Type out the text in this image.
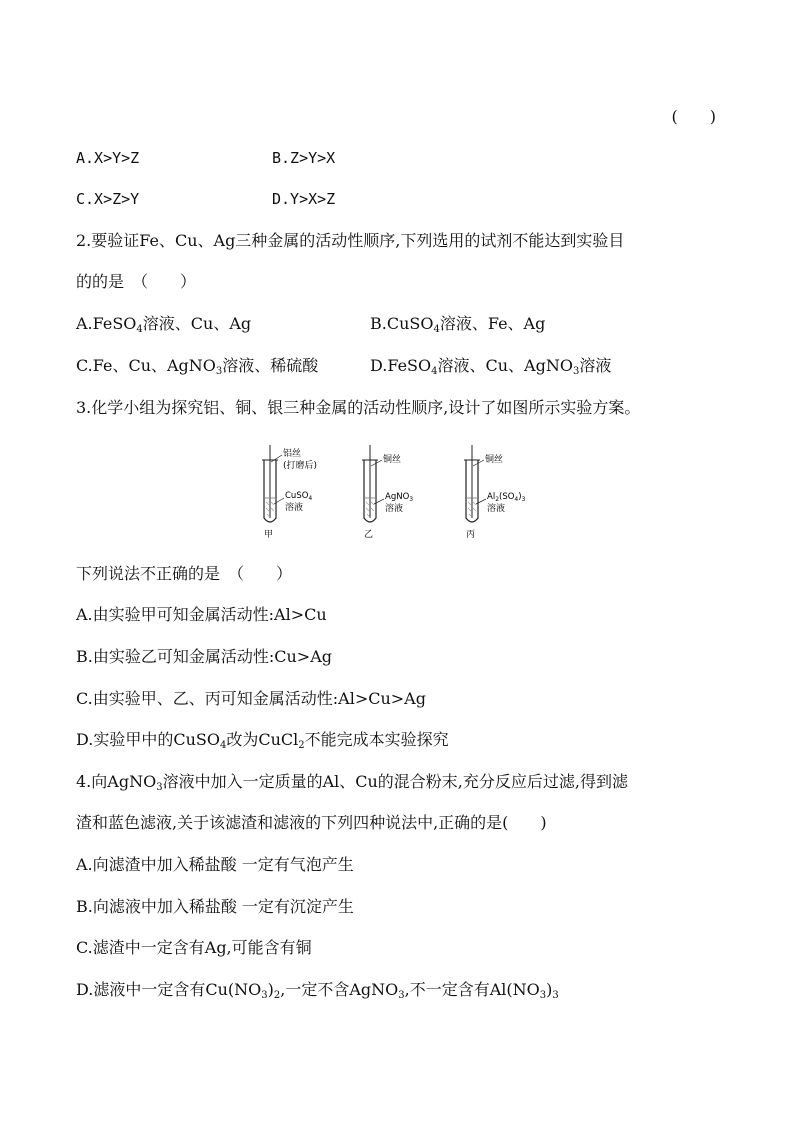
(　　)
A.X>Y>Z	B.Z>Y>X
C.X>Z>Y	D.Y>X>Z
2.要验证Fe、Cu、Ag三种金属的活动性顺序,下列选用的试剂不能达到实验目
的的是　（　　）
A.FeSO$_4$溶液、Cu、Ag	B.CuSO$_4$溶液、Fe、Ag
C.Fe、Cu、AgNO$_3$溶液、稀硫酸	D.FeSO$_4$溶液、Cu、AgNO$_3$溶液
3.化学小组为探究铝、铜、银三种金属的活动性顺序,设计了如图所示实验方案。
铝丝
(打磨后)
CuSO$_4$
溶液
甲
铜丝
AgNO$_3$
溶液
乙
铜丝
$Al_2(SO_4)_3$
溶液
丙
下列说法不正确的是　（　　）
A.由实验甲可知金属活动性:Al>Cu
B.由实验乙可知金属活动性:Cu>Ag
C.由实验甲、乙、丙可知金属活动性:Al>Cu>Ag
D.实验甲中的CuSO$_4$改为CuCl$_2$不能完成本实验探究
4.向AgNO$_3$溶液中加入一定质量的Al、Cu的混合粉末,充分反应后过滤,得到滤
渣和蓝色滤液,关于该滤渣和滤液的下列四种说法中,正确的是(　　)
A.向滤渣中加入稀盐酸 一定有气泡产生
B.向滤液中加入稀盐酸 一定有沉淀产生
C.滤渣中一定含有Ag,可能含有铜
D.滤液中一定含有$Cu(NO_3)_2$,一定不含AgNO$_3$,不一定含有$Al(NO_3)_3$
